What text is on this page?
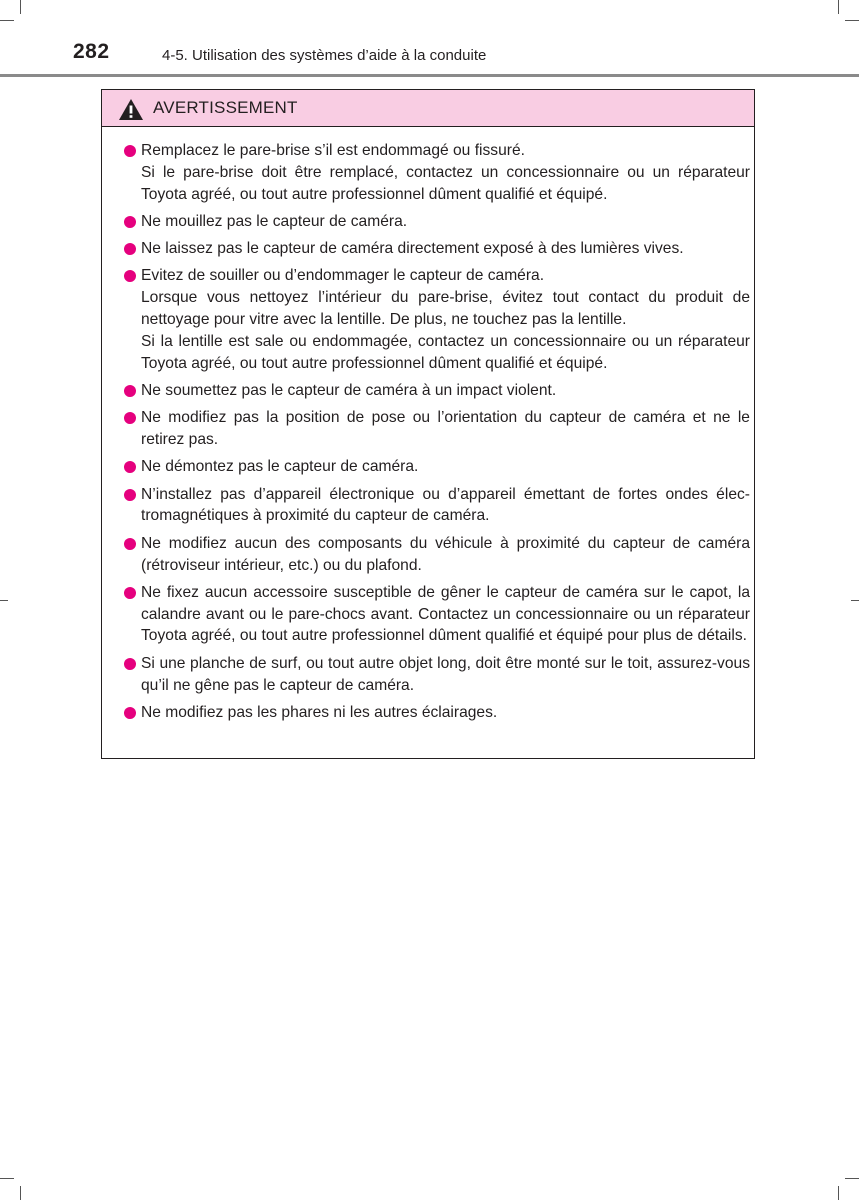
282	4-5. Utilisation des systèmes d’aide à la conduite
AVERTISSEMENT
Remplacez le pare-brise s’il est endommagé ou fissuré.
Si le pare-brise doit être remplacé, contactez un concessionnaire ou un réparateur Toyota agréé, ou tout autre professionnel dûment qualifié et équipé.
Ne mouillez pas le capteur de caméra.
Ne laissez pas le capteur de caméra directement exposé à des lumières vives.
Evitez de souiller ou d’endommager le capteur de caméra.
Lorsque vous nettoyez l’intérieur du pare-brise, évitez tout contact du produit de nettoyage pour vitre avec la lentille. De plus, ne touchez pas la lentille.
Si la lentille est sale ou endommagée, contactez un concessionnaire ou un réparateur Toyota agréé, ou tout autre professionnel dûment qualifié et équipé.
Ne soumettez pas le capteur de caméra à un impact violent.
Ne modifiez pas la position de pose ou l’orientation du capteur de caméra et ne le retirez pas.
Ne démontez pas le capteur de caméra.
N’installez pas d’appareil électronique ou d’appareil émettant de fortes ondes électromagnétiques à proximité du capteur de caméra.
Ne modifiez aucun des composants du véhicule à proximité du capteur de caméra (rétroviseur intérieur, etc.) ou du plafond.
Ne fixez aucun accessoire susceptible de gêner le capteur de caméra sur le capot, la calandre avant ou le pare-chocs avant. Contactez un concessionnaire ou un réparateur Toyota agréé, ou tout autre professionnel dûment qualifié et équipé pour plus de détails.
Si une planche de surf, ou tout autre objet long, doit être monté sur le toit, assurez-vous qu’il ne gêne pas le capteur de caméra.
Ne modifiez pas les phares ni les autres éclairages.
